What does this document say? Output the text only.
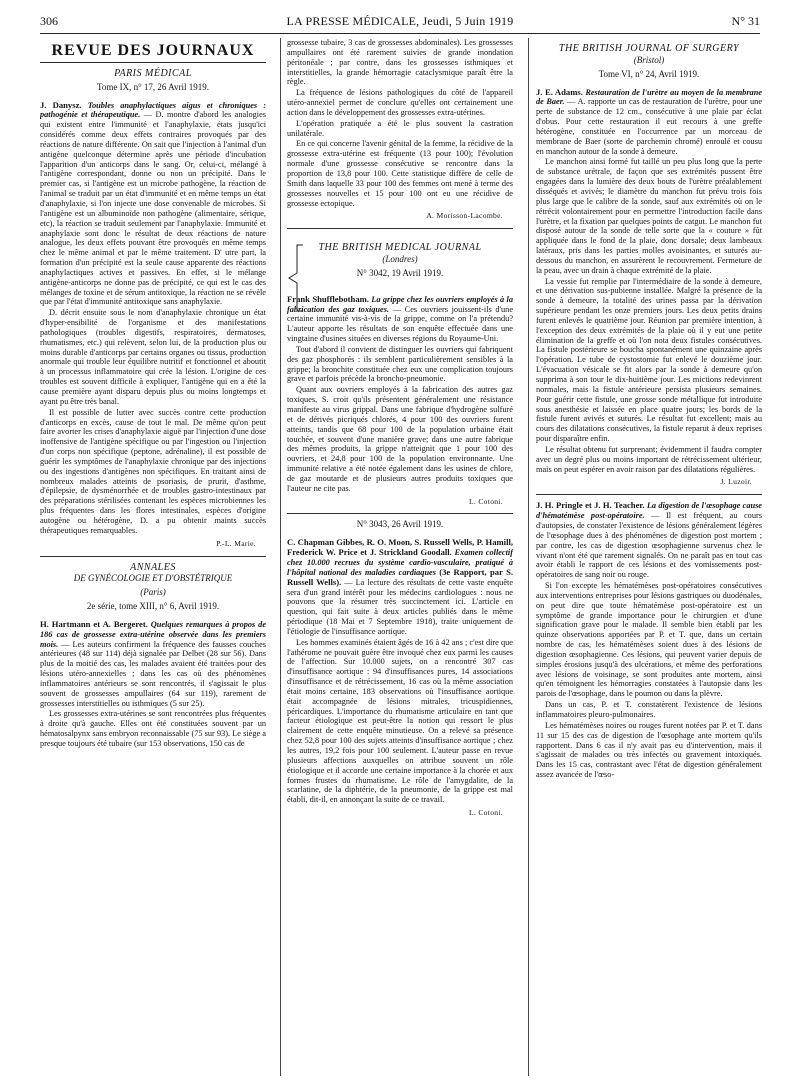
306	LA PRESSE MÉDICALE, Jeudi, 5 Juin 1919	N° 31
REVUE DES JOURNAUX
PARIS MÉDICAL
Tome IX, n° 17, 26 Avril 1919.

J. Danysz. Toubles anaphylactiques aigus et chroniques : pathogénie et thérapeutique. — D. montre d'abord les analogies qui existent entre l'immunité et l'anaphylaxie, états jusqu'ici considérés comme deux effets contraires provoqués par des réactions de nature différente. On sait que l'injection à l'animal d'un antigène quelconque détermine après une période d'incubation l'apparition d'un anticorps dans le sang. Or, celui-ci, mélangé à l'antigène correspondant, donne ou non un précipité. Dans le premier cas, si l'antigène est un microbe pathogène, la réaction de l'animal se traduit par un état d'immunité et en même temps un état d'anaphylaxie, si l'on injecte une dose convenable de microbes. Si l'antigène est un albuminoïde non pathogène (alimentaire, sérique, etc), la réaction se traduit seulement par l'anaphylaxie. Immunité et anaphylaxie sont donc le résultat de deux réactions de nature analogue, les deux effets pouvant être provoqués en même temps chez le même animal et par le même traitement. D' utre part, la formation d'un précipité est la seule cause apparente des réactions anaphylactiques actives et passives. En effet, si le mélange antigène-anticorps ne donne pas de précipité, ce qui est le cas des mélanges de toxine et de sérum antitoxique, la réaction ne se révèle que par l'état d'immunité antitoxique sans anaphylaxie.

D. décrit ensuite sous le nom d'anaphylaxie chronique un état d'hyper-ensibilité de l'organisme et des manifestations pathologiques (troubles digestifs, respiratoires, dermatoses, rhumatismes, etc.) qui relèvent, selon lui, de la production plus ou moins durable d'anticorps par certains organes ou tissus, production anormale qui trouble leur équilibre nutritif et fonctionnel et aboutit à un processus inflammatoire qui crée la lésion. L'origine de ces troubles est souvent difficile à expliquer, l'antigène qui en a été la cause première ayant disparu depuis plus ou moins longtemps et ayant pu être très banal.

Il est possible de lutter avec succès contre cette production d'anticorps en excès, cause de tout le mal. De même qu'on peut faire avorter les crises d'anaphylaxie aiguë par l'injection d'une dose inoffensive de l'antigène spécifique ou par l'ingestion ou l'injection d'un corps non spécifique (peptone, adrénaline), il est possible de guérir les symptômes de l'anaphylaxie chronique par des injections ou des ingestions d'antigènes non spécifiques. En traitant ainsi de nombreux malades atteints de psoriasis, de prurit, d'asthme, d'épilepsie, de dysménorrhée et de troubles gastro-intestinaux par des préparations stérilisées contenant les espèces microbiennes les plus fréquentes dans les flores intestinales, espèces d'origine autogène ou hétérogène, D. a pu obtenir maints succès thérapeutiques remarquables.

P.-L. Marie.
ANNALES
DE GYNÉCOLOGIE ET D'OBSTÉTRIQUE
(Paris)
2e série, tome XIII, n° 6, Avril 1919.

H. Hartmann et A. Bergeret. Quelques remarques à propos de 186 cas de grossesse extra-utérine observée dans les premiers mois. — Les auteurs confirment la fréquence des fausses couches antérieures (48 sur 114) déjà signalée par Delbet (28 sur 56). Dans plus de la moitié des cas, les malades avaient été traitées pour des lésions utéro-annexielles ; dans les cas où des phénomènes inflammatoires antérieurs se sont rencontrés, il s'agissait le plus souvent de grossesses ampullaires (64 sur 119), rarement de grossesses interstitielles ou isthmiques (5 sur 25).

Les grossesses extra-utérines se sont rencontrées plus fréquentes à droite qu'à gauche. Elles ont été constituées souvent par un hématosalpynx sans embryon reconnaissable (75 sur 93). Le siège a presque toujours été tubaire (sur 153 observations, 150 cas de

grossesse tubaire, 3 cas de grossesses abdominales). Les grossesses ampullaires ont été rarement suivies de grande inondation péritonéale ; par contre, dans les grossesses isthmiques et interstitielles, la grande hémorragie cataclysmique paraît être la règle.

La fréquence de lésions pathologiques du côté de l'appareil utéro-annexiel permet de conclure qu'elles ont certainement une action dans le développement des grossesses extra-utérines.

L'opération pratiquée a été le plus souvent la castration unilatérale.

En ce qui concerne l'avenir génital de la femme, la récidive de la grossesse extra-utérine est fréquente (13 pour 100); l'évolution normale d'une grossesse consécutive se rencontre dans la proportion de 13,8 pour 100. Cette statistique diffère de celle de Smith dans laquelle 33 pour 100 des femmes ont mené à terme des grossesses nouvelles et 15 pour 100 ont eu une récidive de grossesse ectopique.

A. Morisson-Lacombe.
THE BRITISH MEDICAL JOURNAL
(Londres)
N° 3042, 19 Avril 1919.

Frank Shufflebotham. La grippe chez les ouvriers employés à la fabrication des gaz toxiques. — Ces ouvriers jouissent-ils d'une certaine immunité vis-à-vis de la grippe, comme on l'a prétendu? L'auteur apporte les résultats de son enquête effectuée dans une vingtaine d'usines situées en diverses régions du Royaume-Uni.

Tout d'abord il convient de distinguer les ouvriers qui fabriquent des gaz phosphorés : ils semblent particulièrement sensibles à la grippe; la bronchite constituée chez eux une complication toujours grave et parfois précède la broncho-pneumonie.

Quant aux ouvriers employés à la fabrication des autres gaz toxiques, S. croit qu'ils présentent généralement une résistance manifeste au virus grippal. Dans une fabrique d'hydrogène sulfuré et de dérivés picriqués chlorés, 4 pour 100 des ouvriers furent atteints, tandis que 68 pour 100 de la population urbaine était touchée, et souvent d'une manière grave; dans une autre fabrique des mêmes produits, la grippe n'atteignit que 1 pour 100 des ouvriers, et 24,8 pour 100 de la population environnante. Une immunité relative a été notée également dans les usines de chlore, de gaz moutarde et de plusieurs autres produits toxiques que l'auteur ne cite pas.

L. Cotoni.
N° 3043, 26 Avril 1919.

C. Chapman Gibbes, R. O. Moon, S. Russell Wells, P. Hamill, Frederick W. Price et J. Strickland Goodall. Examen collectif chez 10.000 recrues du système cardio-vasculaire, pratiqué à l'hôpital national des maladies cardiaques (3e Rapport, par S. Russell Wells). — La lecture des résultats de cette vaste enquête sera d'un grand intérêt pour les médecins cardiologues : nous ne pouvons que la résumer très succinctement ici. L'article en question, qui fait suite à deux articles publiés dans le même périodique (18 Mai et 7 Septembre 1918), traite uniquement de l'étiologie de l'insuffisance aortique.

Les hommes examinés étaient âgés de 16 à 42 ans ; c'est dire que l'athérome ne pouvait guère être invoqué chez eux parmi les causes de l'affection. Sur 10.000 sujets, on a rencontré 307 cas d'insuffisance aortique : 94 d'insuffisances pures, 14 associations d'insuffisance et de rétrécissement, 16 cas où la même association était moins certaine, 183 observations où l'insuffisance aortique était accompagnée de lésions mitrales, tricuspidiennes, péricardiques. L'importance du rhumatisme articulaire en tant que facteur étiologique est peut-être la notion qui ressort le plus clairement de cette enquête minutieuse. On a relevé sa présence chez 52,8 pour 100 des sujets atteints d'insuffisance aortique ; chez les autres, 19,2 fois pour 100 seulement. L'auteur passe en revue plusieurs affections auxquelles on attribue souvent un rôle étiologique et il accorde une certaine importance à la chorée et aux formes frustes du rhumatisme. Le rôle de l'amygdalite, de la scarlatine, de la diphtérie, de la pneumonie, de la grippe est mal établi, dit-il, en annonçant la suite de ce travail.

L. Cotoni.
THE BRITISH JOURNAL OF SURGERY
(Bristol)
Tome VI, n° 24, Avril 1919.

J. E. Adams. Restauration de l'urètre au moyen de la membrane de Baer. — A. rapporte un cas de restauration de l'urètre, pour une perte de substance de 12 cm., consécutive à une plaie par éclat d'obus. Pour cette restauration il eut recours à une greffe hétérogène, constituée en l'occurrence par un morceau de membrane de Baer (sorte de parchemin chromé) enroulé et cousu en manchon autour de la sonde à demeure.

Le manchon ainsi formé fut taillé un peu plus long que la perte de substance urétrale, de façon que ses extrémités pussent être engagées dans la lumière des deux bouts de l'urètre préalablement disséqués et avivés; le diamètre du manchon fut prévu trois fois plus large que le calibre de la sonde, sauf aux extrémités où on le rétrécit volontairement pour en permettre l'introduction facile dans l'urètre, et la fixation par quelques points de catgut. Le manchon fut disposé autour de la sonde de telle sorte que la « couture » fût appliquée dans le fond de la plaie, donc dorsale; deux lambeaux latéraux, pris dans les parties molles avoisinantes, et suturés au-dessous du manchon, en assurèrent le recouvrement. Fermeture de la peau, avec un drain à chaque extrémité de la plaie.

La vessie fut remplie par l'intermédiaire de la sonde à demeure, et une dérivation sus-pubienne installée. Malgré la présence de la sonde à demeure, la totalité des urines passa par la dérivation supérieure pendant les onze premiers jours. Les deux petits drains furent enlevés le quatrième jour. Réunion par première intention, à l'exception des deux extrémités de la plaie où il y eut une petite élimination de la greffe et où l'on nota deux fistules consécutives. La fistule postérieure se boucha spontanément une quinzaine après l'opération. Le tube de cystostomie fut enlevé le douzième jour. L'évacuation vésicale se fit alors par la sonde à demeure qu'on supprima à son tour le dix-huitième jour. Les mictions redevinrent normales, mais la fistule antérieure persista plusieurs semaines. Pour guérir cette fistule, une grosse sonde métallique fut introduite sous anesthésie et laissée en place quatre jours; les bords de la fistule furent avivés et suturés. Le résultat fut excellent; mais au cours des dilatations consécutives, la fistule reparut à deux reprises pour disparaître enfin.

Le résultat obtenu fut surprenant; évidemment il faudra compter avec un degré plus ou moins important de rétrécissement ultérieur, mais on peut espérer en avoir raison par des dilatations régulières.

J. Luzoir.

J. H. Pringle et J. H. Teacher. La digestion de l'œsophage cause d'hématémèse post-opératoire. — Il est fréquent, au cours d'autopsies, de constater l'existence de lésions généralement légères de l'œsophage dues à des phénomènes de digestion post mortem ; par contre, les cas de digestion œsophagienne survenus chez le vivant n'ont été que rarement signalés. On ne paraît pas en tout cas avoir établi le rapport de ces lésions et des vomissements post-opératoires de sang noir ou rouge.

Si l'on excepte les hématémèses post-opératoires consécutives aux interventions entreprises pour lésions gastriques ou duodénales, on peut dire que toute hématémèse post-opératoire est un symptôme de grande importance pour le chirurgien et d'une signification grave pour le malade. Il semble bien établi par les quinze observations apportées par P. et T. que, dans un certain nombre de cas, les hématémèses soient dues à des lésions de digestion œsophagienne. Ces lésions, qui peuvent varier depuis de simples érosions jusqu'à des ulcérations, et même des perforations avec lésions de voisinage, se sont produites ante mortem, ainsi qu'en témoignent les hémorragies constatées à l'autopsie dans les parois de l'œsophage, dans le poumon ou dans la plèvre.

Dans un cas, P. et T. constatèrent l'existence de lésions inflammatoires pleuro-pulmonaires.

Les hématémèses noires ou rouges furent notées par P. et T. dans 11 sur 15 des cas de digestion de l'œsophage ante mortem qu'ils rapportent. Dans 6 cas il n'y avait pas eu d'intervention, mais il s'agissait de malades ou très infectés ou gravement intoxiqués. Dans les 15 cas, contrastant avec l'état de digestion généralement assez avancée de l'œso-
